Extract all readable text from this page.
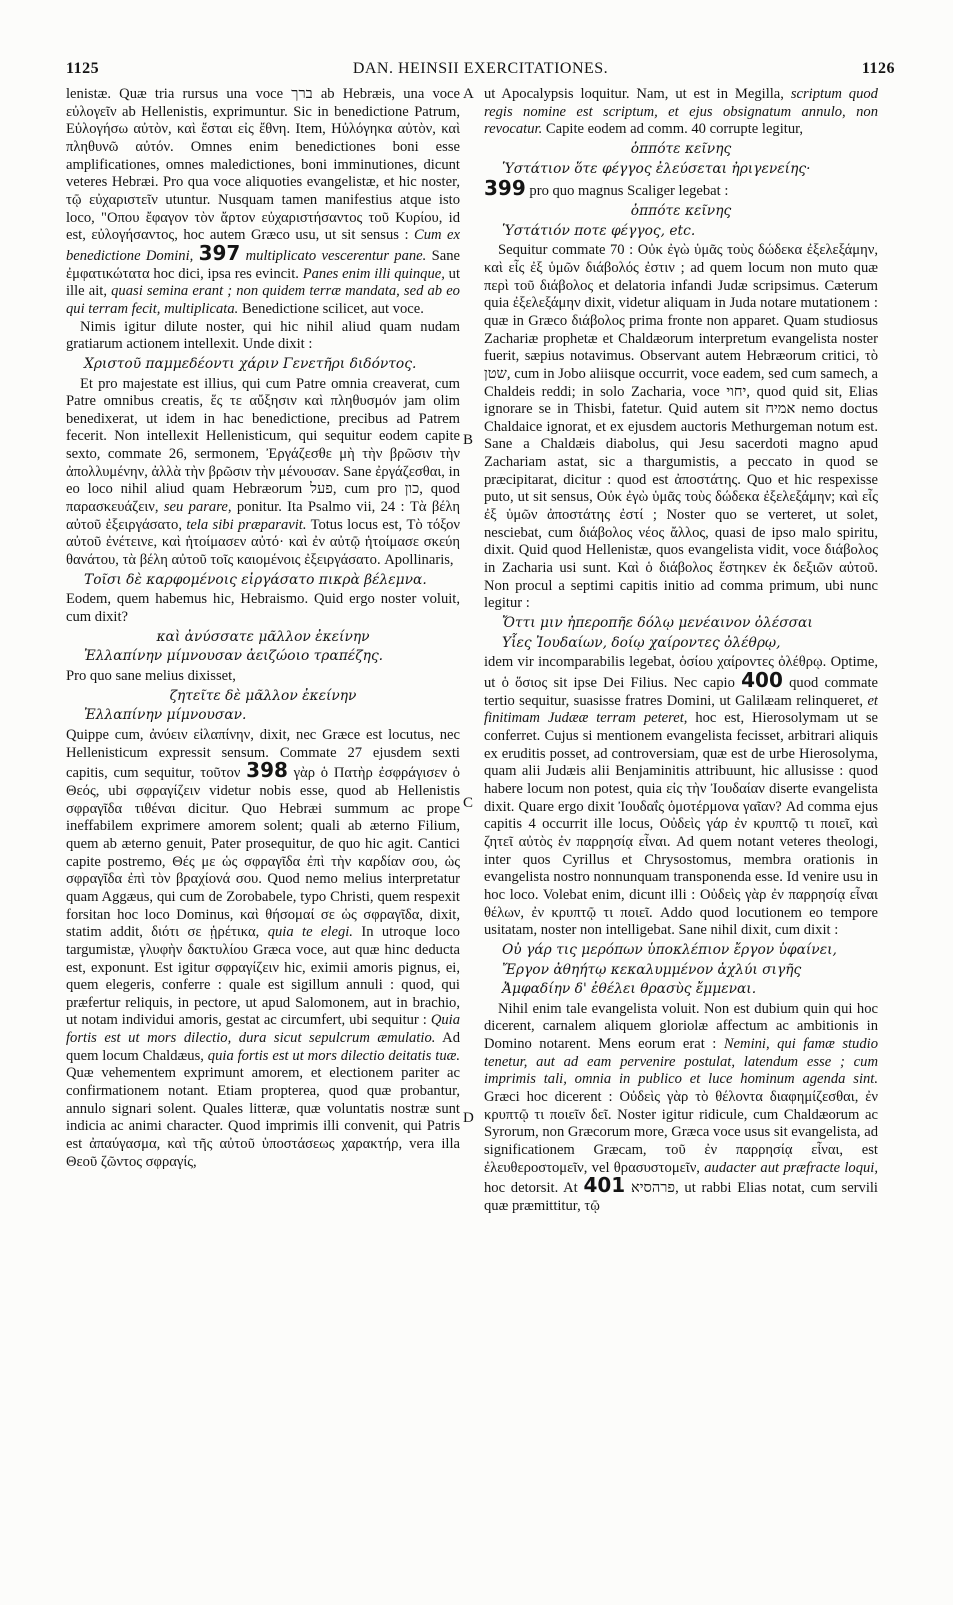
1125	DAN. HEINSII EXERCITATIONES.	1126
A
B
C
D

lenistæ. Quæ tria rursus una voce ברך ab Hebræis, una voce εὐλογεῖν ab Hellenistis, exprimuntur. Sic in benedictione Patrum, Εὐλογήσω αὐτὸν, καὶ ἔσται εἰς ἔθνη. Item, Ηὐλόγηκα αὐτὸν, καὶ πληθυνῶ αὐτόν. Omnes enim benedictiones boni esse amplificationes, omnes maledictiones, boni imminutiones, dicunt veteres Hebræi. Pro qua voce aliquoties evangelistæ, et hic noster, τῷ εὐχαριστεῖν utuntur. Nusquam tamen manifestius atque isto loco, "Οπου ἔφαγον τὸν ἄρτον εὐχαριστήσαντος τοῦ Κυρίου, id est, εὐλογήσαντος, hoc autem Græco usu, ut sit sensus : Cum ex benedictione Domini, 397 multiplicato vescerentur pane. Sane ἐμφατικώτατα hoc dici, ipsa res evincit. Panes enim illi quinque, ut ille ait, quasi semina erant ; non quidem terræ mandata, sed ab eo qui terram fecit, multiplicata. Benedictione scilicet, aut voce.

Nimis igitur dilute noster, qui hic nihil aliud quam nudam gratiarum actionem intellexit. Unde dixit :

Χριστοῦ παμμεδέοντι χάριν Γενετῆρι διδόντος.

Et pro majestate est illius, qui cum Patre omnia creaverat, cum Patre omnibus creatis, ἕς τε αὔξησιν καὶ πληθυσμόν jam olim benedixerat, ut idem in hac benedictione, precibus ad Patrem fecerit. Non intellexit Hellenisticum, qui sequitur eodem capite sexto, commate 26, sermonem, Ἐργάζεσθε μὴ τὴν βρῶσιν τὴν ἀπολλυμένην, ἀλλὰ τὴν βρῶσιν τὴν μένουσαν. Sane ἐργάζεσθαι, in eo loco nihil aliud quam Hebræorum פעל, cum pro כון, quod παρασκευάζειν, seu parare, ponitur. Ita Psalmo vii, 24 : Τὰ βέλη αὐτοῦ ἐξειργάσατο, tela sibi præparavit. Totus locus est, Τὸ τόξον αὐτοῦ ἐνέτεινε, καὶ ἡτοίμασεν αὐτό· καὶ ἐν αὐτῷ ἡτοίμασε σκεύη θανάτου, τὰ βέλη αὐτοῦ τοῖς καιομένοις ἐξειργάσατο. Apollinaris,

Τοῖσι δὲ καρφομένοις εἰργάσατο πικρὰ βέλεμνα.

Eodem, quem habemus hic, Hebraismo. Quid ergo noster voluit, cum dixit?

καὶ ἀνύσσατε μᾶλλον ἐκείνην
Ἐλλαπίνην μίμνουσαν ἀειζώοιο τραπέζης.

Pro quo sane melius dixisset,

ζητεῖτε δὲ μᾶλλον ἐκείνην
Ἐλλαπίνην μίμνουσαν.

Quippe cum, ἀνύειν εἰλαπίνην, dixit, nec Græce est locutus, nec Hellenisticum expressit sensum. Commate 27 ejusdem sexti capitis, cum sequitur, τοῦτον 398 γὰρ ὁ Πατὴρ ἐσφράγισεν ὁ Θεός, ubi σφραγίζειν videtur nobis esse, quod ab Hellenistis σφραγῖδα τιθέναι dicitur. Quo Hebræi summum ac prope ineffabilem exprimere amorem solent; quali ab æterno Filium, quem ab æterno genuit, Pater prosequitur, de quo hic agit. Cantici capite postremo, Θές με ὡς σφραγῖδα ἐπὶ τὴν καρδίαν σου, ὡς σφραγῖδα ἐπὶ τὸν βραχίονά σου. Quod nemo melius interpretatur quam Aggæus, qui cum de Zorobabele, typo Christi, quem respexit forsitan hoc loco Dominus, καὶ θήσομαί σε ὡς σφραγῖδα, dixit, statim addit, διότι σε ᾑρέτικα, quia te elegi. In utroque loco targumistæ, γλυφὴν δακτυλίου Græca voce, aut quæ hinc deducta est, exponunt. Est igitur σφραγίζειν hic, eximii amoris pignus, ei, quem elegeris, conferre : quale est sigillum annuli : quod, qui præfertur reliquis, in pectore, ut apud Salomonem, aut in brachio, ut notam individui amoris, gestat ac circumfert, ubi sequitur : Quia fortis est ut mors dilectio, dura sicut sepulcrum æmulatio. Ad quem locum Chaldæus, quia fortis est ut mors dilectio deitatis tuæ. Quæ vehementem exprimunt amorem, et electionem pariter ac confirmationem notant. Etiam propterea, quod quæ probantur, annulo signari solent. Quales litteræ, quæ voluntatis nostræ sunt indicia ac animi character. Quod imprimis illi convenit, qui Patris est ἀπαύγασμα, καὶ τῆς αὐτοῦ ὑποστάσεως χαρακτήρ, vera illa Θεοῦ ζῶντος σφραγίς,

ut Apocalypsis loquitur. Nam, ut est in Megilla, scriptum quod regis nomine est scriptum, et ejus obsignatum annulo, non revocatur. Capite eodem ad comm. 40 corrupte legitur,

ὁππότε κεῖνης
Ὑστάτιον ὅτε φέγγος ἐλεύσεται ἠριγενείης·

399 pro quo magnus Scaliger legebat :

ὁππότε κεῖνης
Ὑστάτιόν ποτε φέγγος, etc.

Sequitur commate 70 : Οὐκ ἐγὼ ὑμᾶς τοὺς δώδεκα ἐξελεξάμην, καὶ εἷς ἐξ ὑμῶν διάβολός ἐστιν ; ad quem locum non muto quæ περὶ τοῦ διάβολος et delatoria infandi Judæ scripsimus. Cæterum quia ἐξελεξάμην dixit, videtur aliquam in Juda notare mutationem : quæ in Græco διάβολος prima fronte non apparet. Quam studiosus Zachariæ prophetæ et Chaldæorum interpretum evangelista noster fuerit, sæpius notavimus. Observant autem Hebræorum critici, τὸ שטן, cum in Jobo aliisque occurrit, voce eadem, sed cum samech, a Chaldeis reddi; in solo Zacharia, voce יחוי, quod quid sit, Elias ignorare se in Thisbi, fatetur. Quid autem sit אמיח nemo doctus Chaldaice ignorat, et ex ejusdem auctoris Methurgeman notum est. Sane a Chaldæis diabolus, qui Jesu sacerdoti magno apud Zachariam astat, sic a thargumistis, a peccato in quod se præcipitarat, dicitur : quod est ἀποστάτης. Quo et hic respexisse puto, ut sit sensus, Οὐκ ἐγὼ ὑμᾶς τοὺς δώδεκα ἐξελεξάμην; καὶ εἷς ἐξ ὑμῶν ἀποστάτης ἐστί ; Noster quo se verteret, ut solet, nesciebat, cum διάβολος νέος ἄλλος, quasi de ipso malo spiritu, dixit. Quid quod Hellenistæ, quos evangelista vidit, voce διάβολος in Zacharia usi sunt. Καὶ ὁ διάβολος ἕστηκεν ἐκ δεξιῶν αὐτοῦ. Non procul a septimi capitis initio ad comma primum, ubi nunc legitur :

Ὄττι μιν ἠπεροπῆε δόλῳ μενέαινον ὀλέσσαι
Υἷες Ἰουδαίων, δοίῳ χαίροντες ὀλέθρῳ,

idem vir incomparabilis legebat, ὁσίου χαίροντες ὀλέθρῳ. Optime, ut ὁ ὅσιος sit ipse Dei Filius. Nec capio 400 quod commate tertio sequitur, suasisse fratres Domini, ut Galilæam relinqueret, et finitimam Judææ terram peteret, hoc est, Hierosolymam ut se conferret. Cujus si mentionem evangelista fecisset, arbitrari aliquis ex eruditis posset, ad controversiam, quæ est de urbe Hierosolyma, quam alii Judæis alii Benjaminitis attribuunt, hic allusisse : quod habere locum non potest, quia εἰς τὴν Ἰουδαίαν diserte evangelista dixit. Quare ergo dixit Ἰουδαΐς ὁμοτέρμονα γαῖαν? Ad comma ejus capitis 4 occurrit ille locus, Οὐδεὶς γάρ ἐν κρυπτῷ τι ποιεῖ, καὶ ζητεῖ αὐτὸς ἐν παρρησίᾳ εἶναι. Ad quem notant veteres theologi, inter quos Cyrillus et Chrysostomus, membra orationis in evangelista nostro nonnunquam transponenda esse. Id venire usu in hoc loco. Volebat enim, dicunt illi : Οὐδεὶς γὰρ ἐν παρρησίᾳ εἶναι θέλων, ἐν κρυπτῷ τι ποιεῖ. Addo quod locutionem eo tempore usitatam, noster non intelligebat. Sane nihil dixit, cum dixit :

Οὐ γάρ τις μερόπων ὑποκλέπιον ἔργον ὑφαίνει,
Ἔργον ἀθηήτῳ κεκαλυμμένον ἀχλύι σιγῆς
Ἀμφαδίην δ' ἐθέλει θρασὺς ἔμμεναι.

Nihil enim tale evangelista voluit. Non est dubium quin qui hoc dicerent, carnalem aliquem gloriolæ affectum ac ambitionis in Domino notarent. Mens eorum erat : Nemini, qui famæ studio tenetur, aut ad eam pervenire postulat, latendum esse ; cum imprimis tali, omnia in publico et luce hominum agenda sint. Græci hoc dicerent : Οὐδεὶς γὰρ τὸ θέλοντα διαφημίζεσθαι, ἐν κρυπτῷ τι ποιεῖν δεῖ. Noster igitur ridicule, cum Chaldæorum ac Syrorum, non Græcorum more, Græca voce usus sit evangelista, ad significationem Græcam, τοῦ ἐν παρρησίᾳ εἶναι, est ἐλευθεροστομεῖν, vel θρασυστομεῖν, audacter aut præfracte loqui, hoc detorsit. At 401 פרהסיא, ut rabbi Elias notat, cum servili quæ præmittitur, τῷ
